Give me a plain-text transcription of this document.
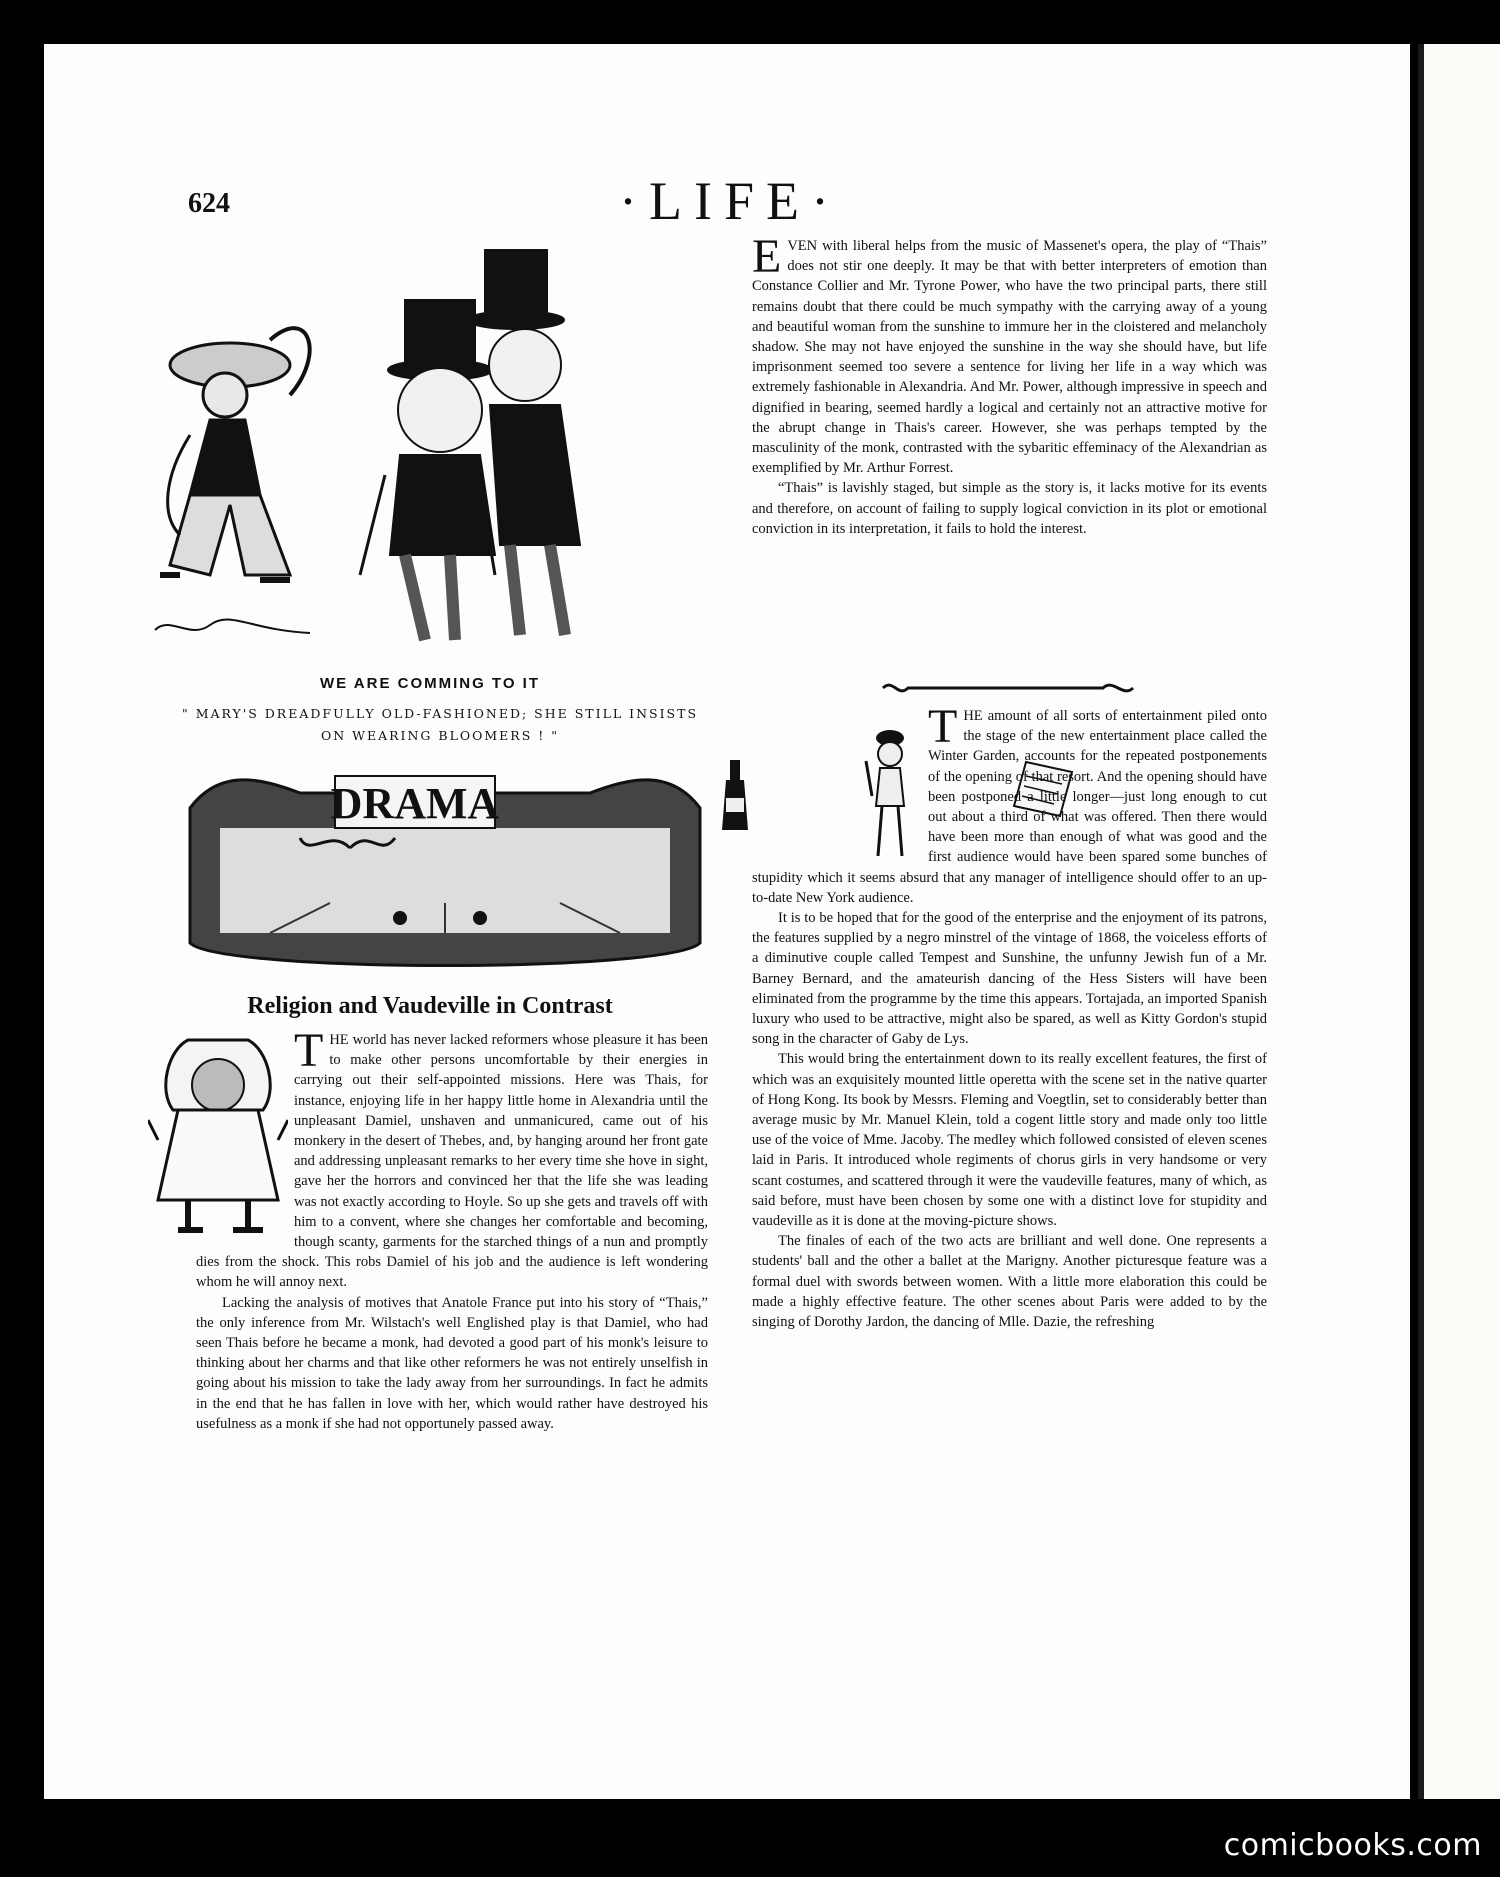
624	·LIFE·
WE ARE COMMING TO IT
" MARY'S DREADFULLY OLD-FASHIONED; SHE STILL INSISTS ON WEARING BLOOMERS ! "
DRAMA
Religion and Vaudeville in Contrast

THE world has never lacked reformers whose pleasure it has been to make other persons uncomfortable by their energies in carrying out their self-appointed missions. Here was Thais, for instance, enjoying life in her happy little home in Alexandria until the unpleasant Damiel, unshaven and unmanicured, came out of his monkery in the desert of Thebes, and, by hanging around her front gate and addressing unpleasant remarks to her every time she hove in sight, gave her the horrors and convinced her that the life she was leading was not exactly according to Hoyle. So up she gets and travels off with him to a convent, where she changes her comfortable and becoming, though scanty, garments for the starched things of a nun and promptly dies from the shock. This robs Damiel of his job and the audience is left wondering whom he will annoy next.

Lacking the analysis of motives that Anatole France put into his story of “Thais,” the only inference from Mr. Wilstach's well Englished play is that Damiel, who had seen Thais before he became a monk, had devoted a good part of his monk's leisure to thinking about her charms and that like other reformers he was not entirely unselfish in going about his mission to take the lady away from her surroundings. In fact he admits in the end that he has fallen in love with her, which would rather have destroyed his usefulness as a monk if she had not opportunely passed away.

EVEN with liberal helps from the music of Massenet's opera, the play of “Thais” does not stir one deeply. It may be that with better interpreters of emotion than Constance Collier and Mr. Tyrone Power, who have the two principal parts, there still remains doubt that there could be much sympathy with the carrying away of a young and beautiful woman from the sunshine to immure her in the cloistered and melancholy shadow. She may not have enjoyed the sunshine in the way she should have, but life imprisonment seemed too severe a sentence for living her life in a way which was extremely fashionable in Alexandria. And Mr. Power, although impressive in speech and dignified in bearing, seemed hardly a logical and certainly not an attractive motive for the abrupt change in Thais's career. However, she was perhaps tempted by the masculinity of the monk, contrasted with the sybaritic effeminacy of the Alexandrian as exemplified by Mr. Arthur Forrest.

“Thais” is lavishly staged, but simple as the story is, it lacks motive for its events and therefore, on account of failing to supply logical conviction in its plot or emotional conviction in its interpretation, it fails to hold the interest.

THE amount of all sorts of entertainment piled onto the stage of the new entertainment place called the Winter Garden, accounts for the repeated postponements of the opening of that resort. And the opening should have been postponed a little longer—just long enough to cut out about a third of what was offered. Then there would have been more than enough of what was good and the first audience would have been spared some bunches of stupidity which it seems absurd that any manager of intelligence should offer to an up-to-date New York audience.

It is to be hoped that for the good of the enterprise and the enjoyment of its patrons, the features supplied by a negro minstrel of the vintage of 1868, the voiceless efforts of a diminutive couple called Tempest and Sunshine, the unfunny Jewish fun of a Mr. Barney Bernard, and the amateurish dancing of the Hess Sisters will have been eliminated from the programme by the time this appears. Tortajada, an imported Spanish luxury who used to be attractive, might also be spared, as well as Kitty Gordon's stupid song in the character of Gaby de Lys.

This would bring the entertainment down to its really excellent features, the first of which was an exquisitely mounted little operetta with the scene set in the native quarter of Hong Kong. Its book by Messrs. Fleming and Voegtlin, set to considerably better than average music by Mr. Manuel Klein, told a cogent little story and made only too little use of the voice of Mme. Jacoby. The medley which followed consisted of eleven scenes laid in Paris. It introduced whole regiments of chorus girls in very handsome or very scant costumes, and scattered through it were the vaudeville features, many of which, as said before, must have been chosen by some one with a distinct love for stupidity and vaudeville as it is done at the moving-picture shows.

The finales of each of the two acts are brilliant and well done. One represents a students' ball and the other a ballet at the Marigny. Another picturesque feature was a formal duel with swords between women. With a little more elaboration this could be made a highly effective feature. The other scenes about Paris were added to by the singing of Dorothy Jardon, the dancing of Mlle. Dazie, the refreshing

comicbooks.com
